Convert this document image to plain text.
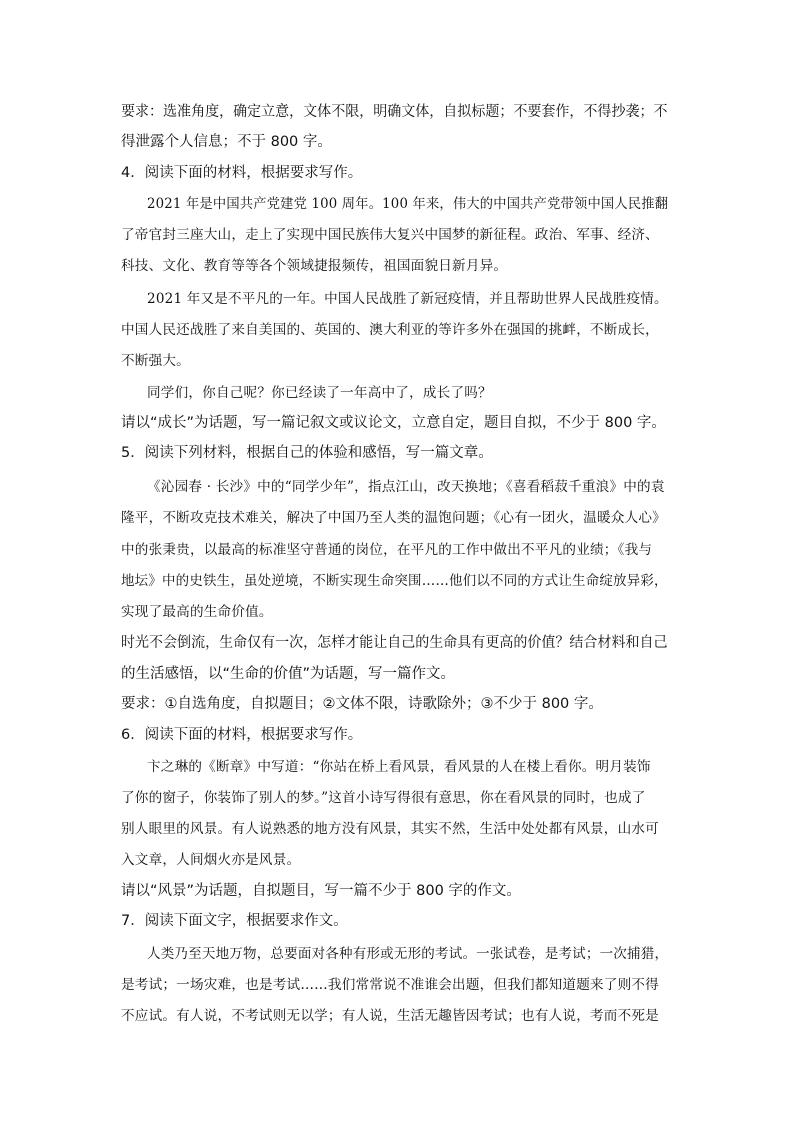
要求：选准角度，确定立意，文体不限，明确文体，自拟标题；不要套作，不得抄袭；不
得泄露个人信息；不于 800 字。
4．阅读下面的材料，根据要求写作。
2021 年是中国共产党建党 100 周年。100 年来，伟大的中国共产党带领中国人民推翻
了帝官封三座大山，走上了实现中国民族伟大复兴中国梦的新征程。政治、军事、经济、
科技、文化、教育等等各个领域捷报频传，祖国面貌日新月异。
2021 年又是不平凡的一年。中国人民战胜了新冠疫情，并且帮助世界人民战胜疫情。
中国人民还战胜了来自美国的、英国的、澳大利亚的等许多外在强国的挑衅，不断成长，
不断强大。
同学们，你自己呢？你已经读了一年高中了，成长了吗？
请以“成长”为话题，写一篇记叙文或议论文，立意自定，题目自拟，不少于 800 字。
5．阅读下列材料，根据自己的体验和感悟，写一篇文章。
《沁园春 · 长沙》中的“同学少年”，指点江山，改天换地；《喜看稻菽千重浪》中的袁
隆平，不断攻克技术难关，解决了中国乃至人类的温饱问题；《心有一团火，温暖众人心》
中的张秉贵，以最高的标准坚守普通的岗位，在平凡的工作中做出不平凡的业绩；《我与
地坛》中的史铁生，虽处逆境，不断实现生命突围……他们以不同的方式让生命绽放异彩，
实现了最高的生命价值。
时光不会倒流，生命仅有一次，怎样才能让自己的生命具有更高的价值？结合材料和自己
的生活感悟，以“生命的价值”为话题，写一篇作文。
要求：①自选角度，自拟题目；②文体不限，诗歌除外；③不少于 800 字。
6．阅读下面的材料，根据要求写作。
卞之琳的《断章》中写道：“你站在桥上看风景，看风景的人在楼上看你。明月装饰
了你的窗子，你装饰了别人的梦。”这首小诗写得很有意思，你在看风景的同时，也成了
别人眼里的风景。有人说熟悉的地方没有风景，其实不然，生活中处处都有风景，山水可
入文章，人间烟火亦是风景。
请以“风景”为话题，自拟题目，写一篇不少于 800 字的作文。
7．阅读下面文字，根据要求作文。
人类乃至天地万物，总要面对各种有形或无形的考试。一张试卷，是考试；一次捕猎，
是考试；一场灾难，也是考试……我们常常说不准谁会出题，但我们都知道题来了则不得
不应试。有人说，不考试则无以学；有人说，生活无趣皆因考试；也有人说，考而不死是
